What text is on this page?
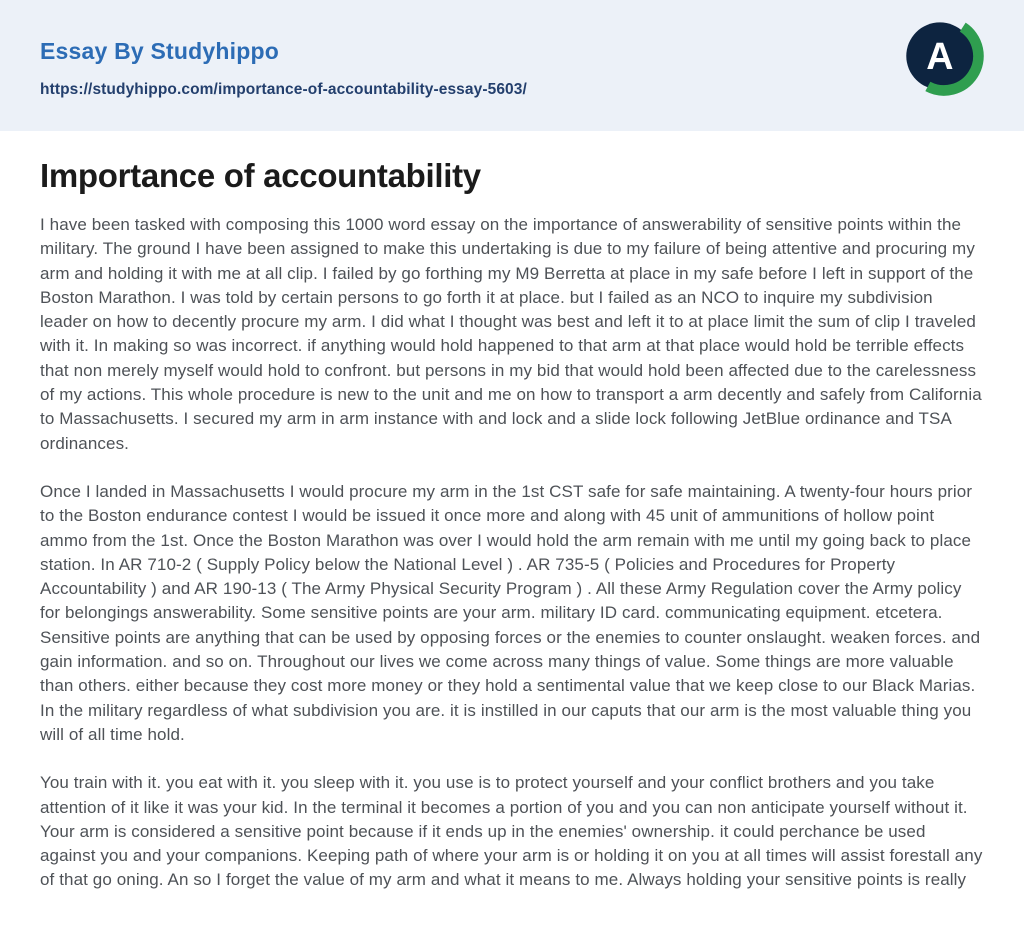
Essay By Studyhippo
https://studyhippo.com/importance-of-accountability-essay-5603/
A
Importance of accountability

I have been tasked with composing this 1000 word essay on the importance of answerability of sensitive points within the military. The ground I have been assigned to make this undertaking is due to my failure of being attentive and procuring my arm and holding it with me at all clip. I failed by go forthing my M9 Berretta at place in my safe before I left in support of the Boston Marathon. I was told by certain persons to go forth it at place. but I failed as an NCO to inquire my subdivision leader on how to decently procure my arm. I did what I thought was best and left it to at place limit the sum of clip I traveled with it. In making so was incorrect. if anything would hold happened to that arm at that place would hold be terrible effects that non merely myself would hold to confront. but persons in my bid that would hold been affected due to the carelessness of my actions. This whole procedure is new to the unit and me on how to transport a arm decently and safely from California to Massachusetts. I secured my arm in arm instance with and lock and a slide lock following JetBlue ordinance and TSA ordinances.

Once I landed in Massachusetts I would procure my arm in the 1st CST safe for safe maintaining. A twenty-four hours prior to the Boston endurance contest I would be issued it once more and along with 45 unit of ammunitions of hollow point ammo from the 1st. Once the Boston Marathon was over I would hold the arm remain with me until my going back to place station. In AR 710-2 ( Supply Policy below the National Level ) . AR 735-5 ( Policies and Procedures for Property Accountability ) and AR 190-13 ( The Army Physical Security Program ) . All these Army Regulation cover the Army policy for belongings answerability. Some sensitive points are your arm. military ID card. communicating equipment. etcetera. Sensitive points are anything that can be used by opposing forces or the enemies to counter onslaught. weaken forces. and gain information. and so on. Throughout our lives we come across many things of value. Some things are more valuable than others. either because they cost more money or they hold a sentimental value that we keep close to our Black Marias. In the military regardless of what subdivision you are. it is instilled in our caputs that our arm is the most valuable thing you will of all time hold.

You train with it. you eat with it. you sleep with it. you use is to protect yourself and your conflict brothers and you take attention of it like it was your kid. In the terminal it becomes a portion of you and you can non anticipate yourself without it. Your arm is considered a sensitive point because if it ends up in the enemies' ownership. it could perchance be used against you and your companions. Keeping path of where your arm is or holding it on you at all times will assist forestall any of that go oning. An so I forget the value of my arm and what it means to me. Always holding your sensitive points is really
